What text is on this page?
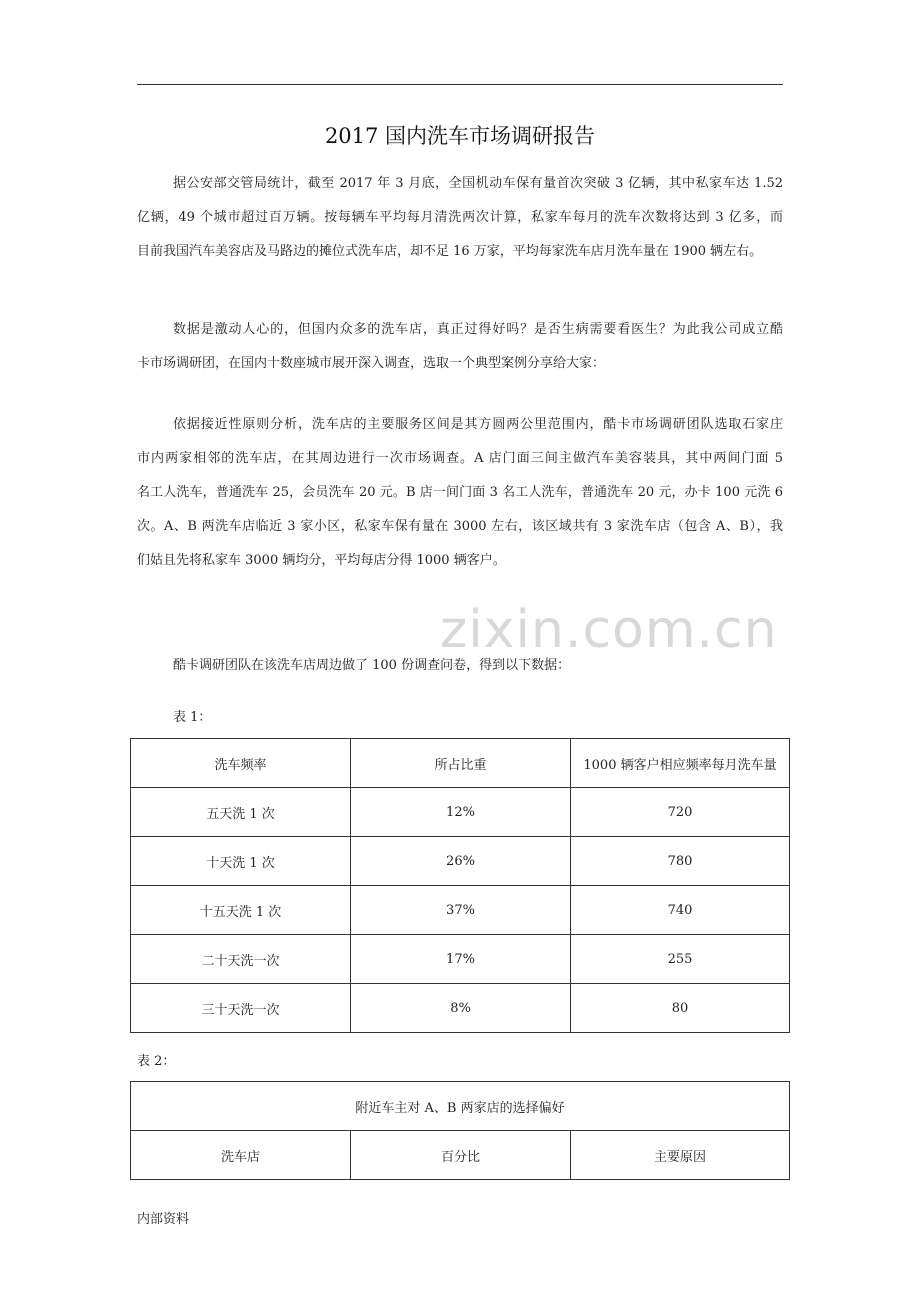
2017 国内洗车市场调研报告
据公安部交管局统计，截至 2017 年 3 月底，全国机动车保有量首次突破 3 亿辆，其中私家车达 1.52
亿辆，49 个城市超过百万辆。按每辆车平均每月清洗两次计算，私家车每月的洗车次数将达到 3 亿多，而
目前我国汽车美容店及马路边的摊位式洗车店，却不足 16 万家，平均每家洗车店月洗车量在 1900 辆左右。
数据是激动人心的，但国内众多的洗车店，真正过得好吗？是否生病需要看医生？为此我公司成立酷
卡市场调研团，在国内十数座城市展开深入调查，选取一个典型案例分享给大家：
依据接近性原则分析，洗车店的主要服务区间是其方圆两公里范围内，酷卡市场调研团队选取石家庄
市内两家相邻的洗车店，在其周边进行一次市场调查。A 店门面三间主做汽车美容装具，其中两间门面 5
名工人洗车，普通洗车 25，会员洗车 20 元。B 店一间门面 3 名工人洗车，普通洗车 20 元，办卡 100 元洗 6
次。A、B 两洗车店临近 3 家小区，私家车保有量在 3000 左右，该区域共有 3 家洗车店（包含 A、B），我
们姑且先将私家车 3000 辆均分，平均每店分得 1000 辆客户。
酷卡调研团队在该洗车店周边做了 100 份调查问卷，得到以下数据：
zixin.com.cn
表 1：
洗车频率	所占比重	1000 辆客户相应频率每月洗车量
五天洗 1 次	12%	720
十天洗 1 次	26%	780
十五天洗 1 次	37%	740
二十天洗一次	17%	255
三十天洗一次	8%	80
表 2：
附近车主对 A、B 两家店的选择偏好
洗车店	百分比	主要原因
内部资料
